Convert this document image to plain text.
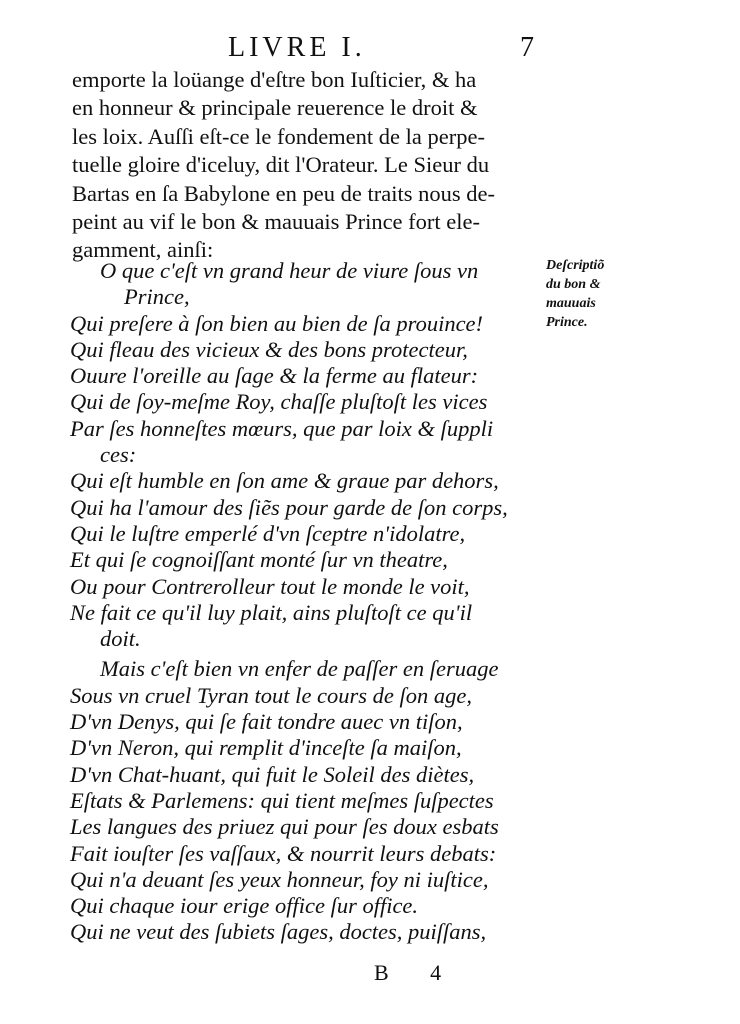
LIVRE I.	7
emporte la loüange d'eſtre bon Iuſticier, & ha
en honneur & principale reuerence le droit &
les loix. Auſſi eſt-ce le fondement de la perpe-
tuelle gloire d'iceluy, dit l'Orateur. Le Sieur du
Bartas en ſa Babylone en peu de traits nous de-
peint au vif le bon & mauuais Prince fort ele-
gamment, ainſi:
O que c'eſt vn grand heur de viure ſous vn
Prince,
Qui preſere à ſon bien au bien de ſa prouince!
Qui fleau des vicieux & des bons protecteur,
Ouure l'oreille au ſage & la ferme au flateur:
Qui de ſoy-meſme Roy, chaſſe pluſtoſt les vices
Par ſes honneſtes mœurs, que par loix & ſuppli
ces:
Qui eſt humble en ſon ame & graue par dehors,
Qui ha l'amour des ſiẽs pour garde de ſon corps,
Qui le luſtre emperlé d'vn ſceptre n'idolatre,
Et qui ſe cognoiſſant monté ſur vn theatre,
Ou pour Contrerolleur tout le monde le voit,
Ne fait ce qu'il luy plait, ains pluſtoſt ce qu'il
doit.
Mais c'eſt bien vn enfer de paſſer en ſeruage
Sous vn cruel Tyran tout le cours de ſon age,
D'vn Denys, qui ſe fait tondre auec vn tiſon,
D'vn Neron, qui remplit d'inceſte ſa maiſon,
D'vn Chat-huant, qui fuit le Soleil des diètes,
Eſtats & Parlemens: qui tient meſmes ſuſpectes
Les langues des priuez qui pour ſes doux esbats
Fait iouſter ſes vaſſaux, & nourrit leurs debats:
Qui n'a deuant ſes yeux honneur, foy ni iuſtice,
Qui chaque iour erige office ſur office.
Qui ne veut des ſubiets ſages, doctes, puiſſans,
Deſcriptiõ
du bon &
mauuais
Prince.
B 4
